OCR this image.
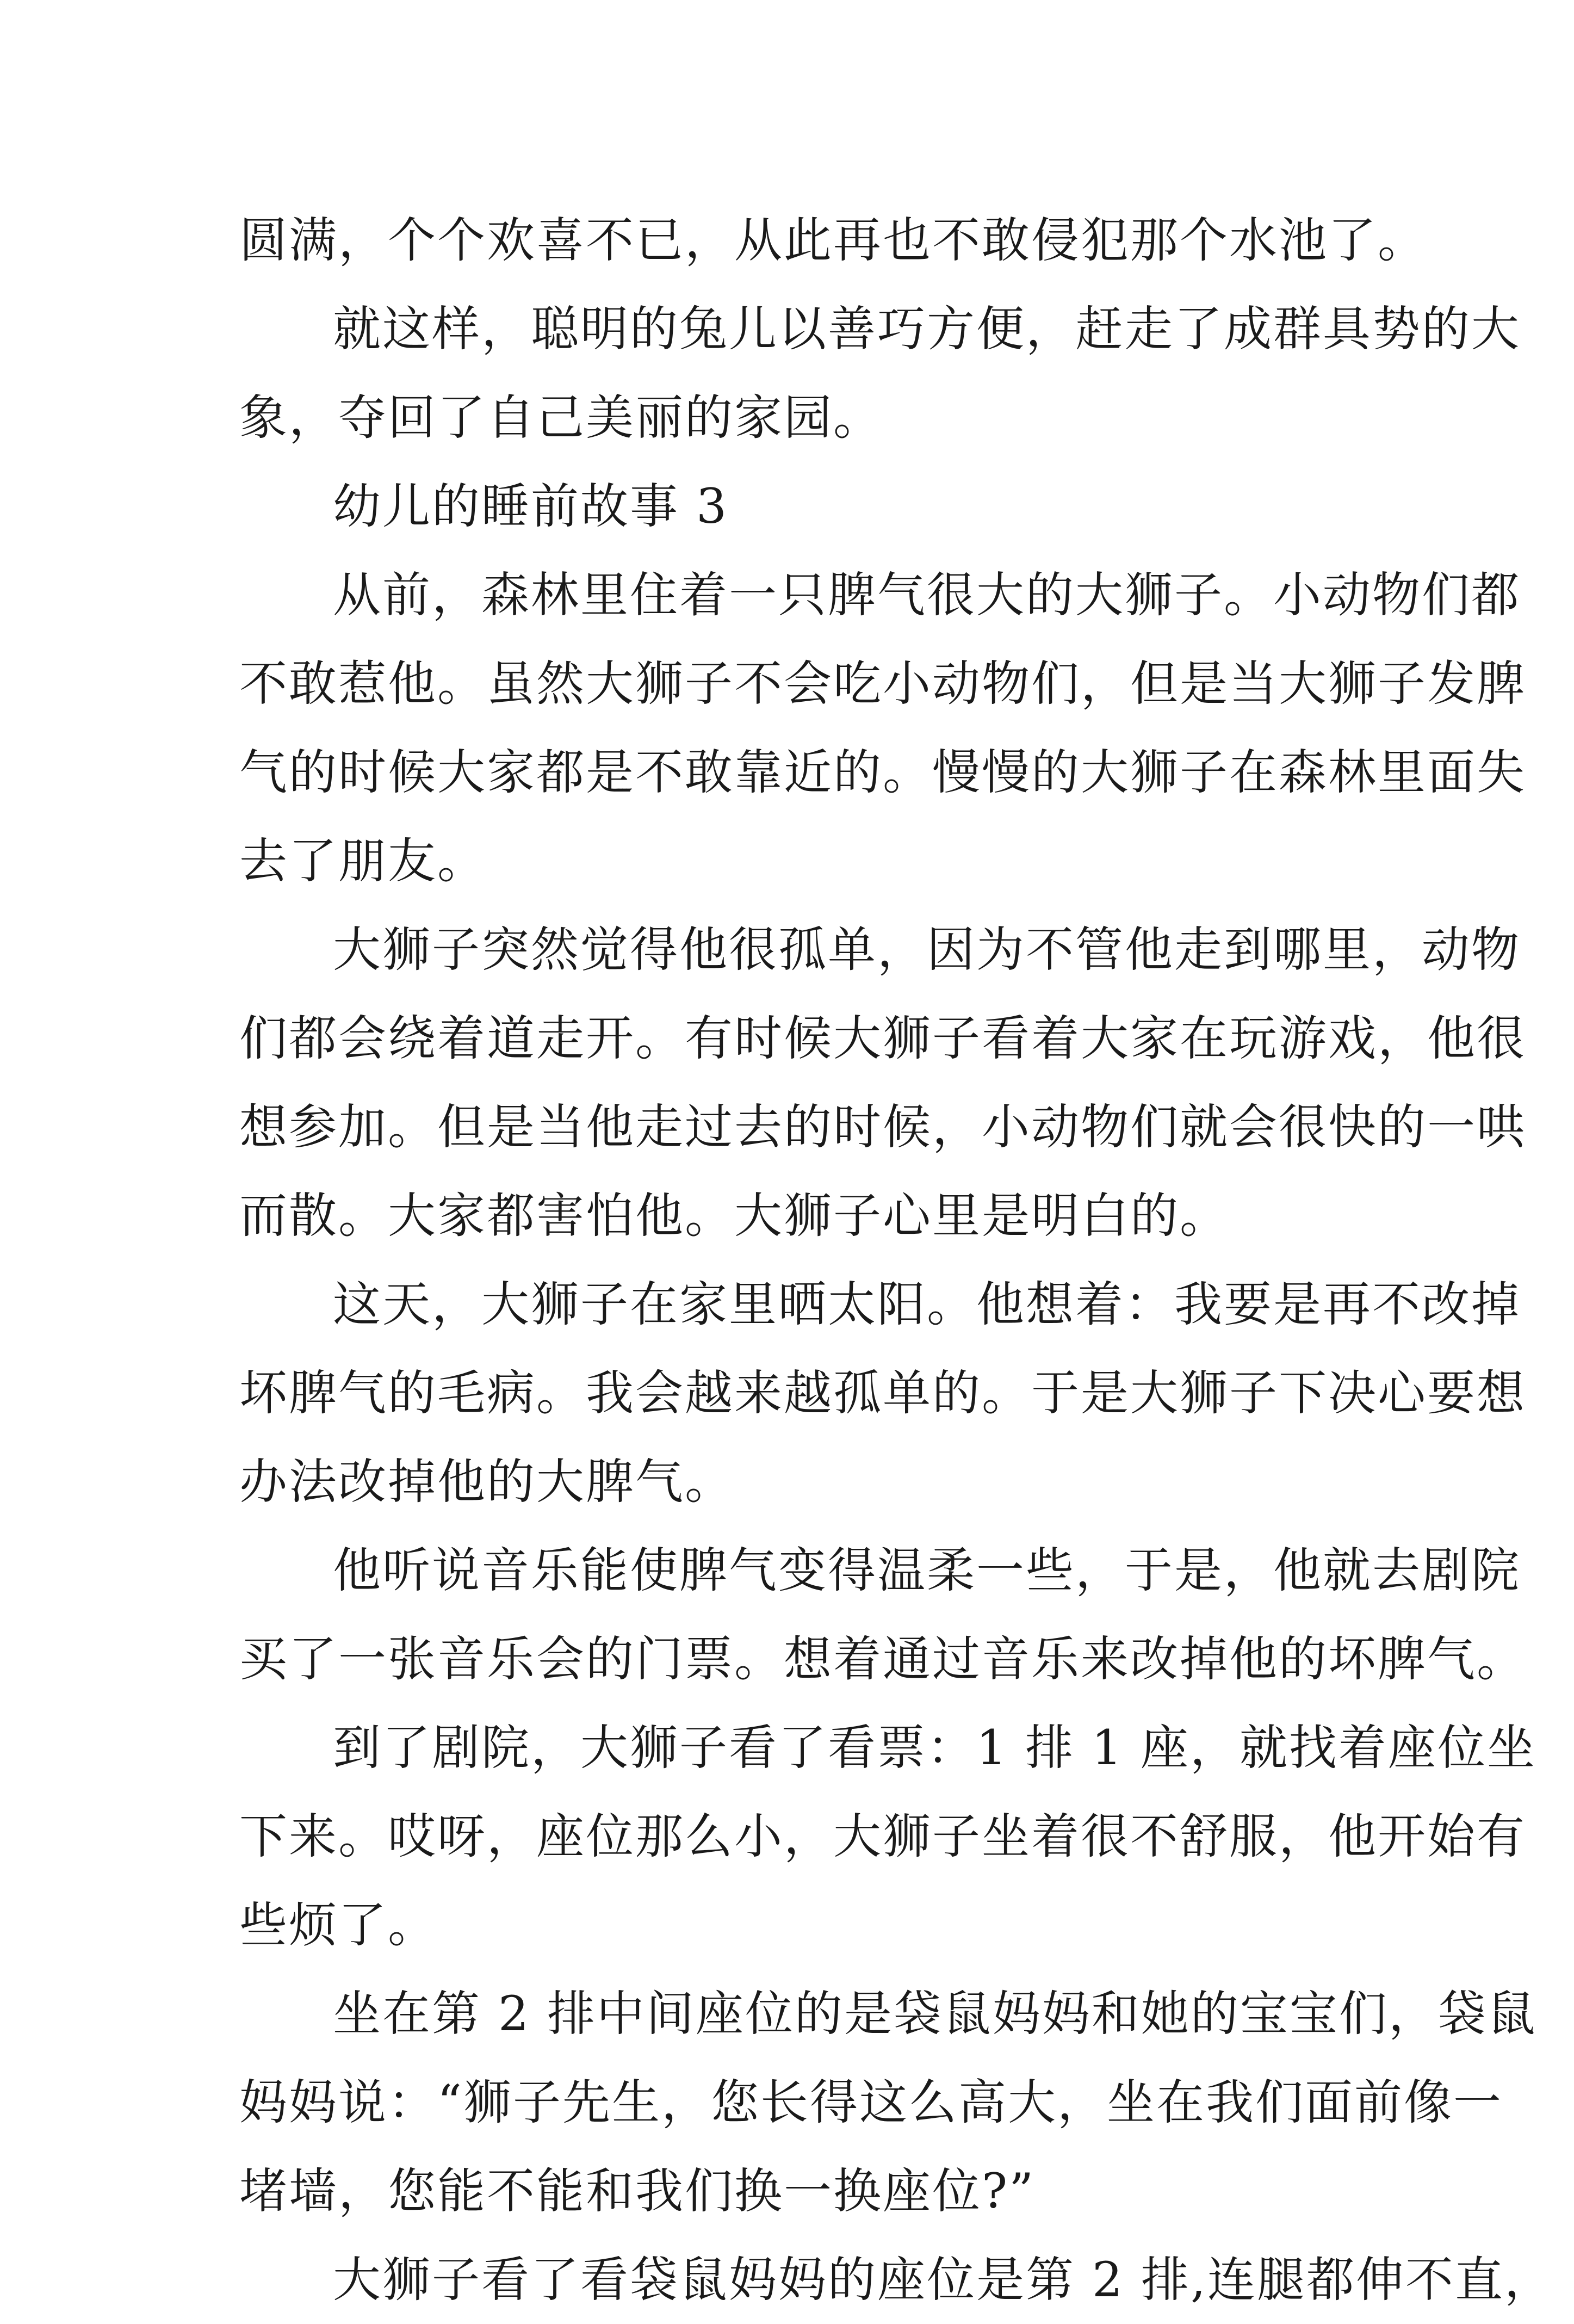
圆满，个个欢喜不已，从此再也不敢侵犯那个水池了。

就这样，聪明的兔儿以善巧方便，赶走了成群具势的大
象，夺回了自己美丽的家园。

幼儿的睡前故事 3

从前，森林里住着一只脾气很大的大狮子。小动物们都
不敢惹他。虽然大狮子不会吃小动物们，但是当大狮子发脾
气的时候大家都是不敢靠近的。慢慢的大狮子在森林里面失
去了朋友。

大狮子突然觉得他很孤单，因为不管他走到哪里，动物
们都会绕着道走开。有时候大狮子看着大家在玩游戏，他很
想参加。但是当他走过去的时候，小动物们就会很快的一哄
而散。大家都害怕他。大狮子心里是明白的。

这天，大狮子在家里晒太阳。他想着：我要是再不改掉
坏脾气的毛病。我会越来越孤单的。于是大狮子下决心要想
办法改掉他的大脾气。

他听说音乐能使脾气变得温柔一些，于是，他就去剧院
买了一张音乐会的门票。想着通过音乐来改掉他的坏脾气。

到了剧院，大狮子看了看票：1 排 1 座，就找着座位坐
下来。哎呀，座位那么小，大狮子坐着很不舒服，他开始有
些烦了。

坐在第 2 排中间座位的是袋鼠妈妈和她的宝宝们，袋鼠
妈妈说：“狮子先生，您长得这么高大，坐在我们面前像一
堵墙，您能不能和我们换一换座位?”

大狮子看了看袋鼠妈妈的座位是第 2 排,连腿都伸不直，
